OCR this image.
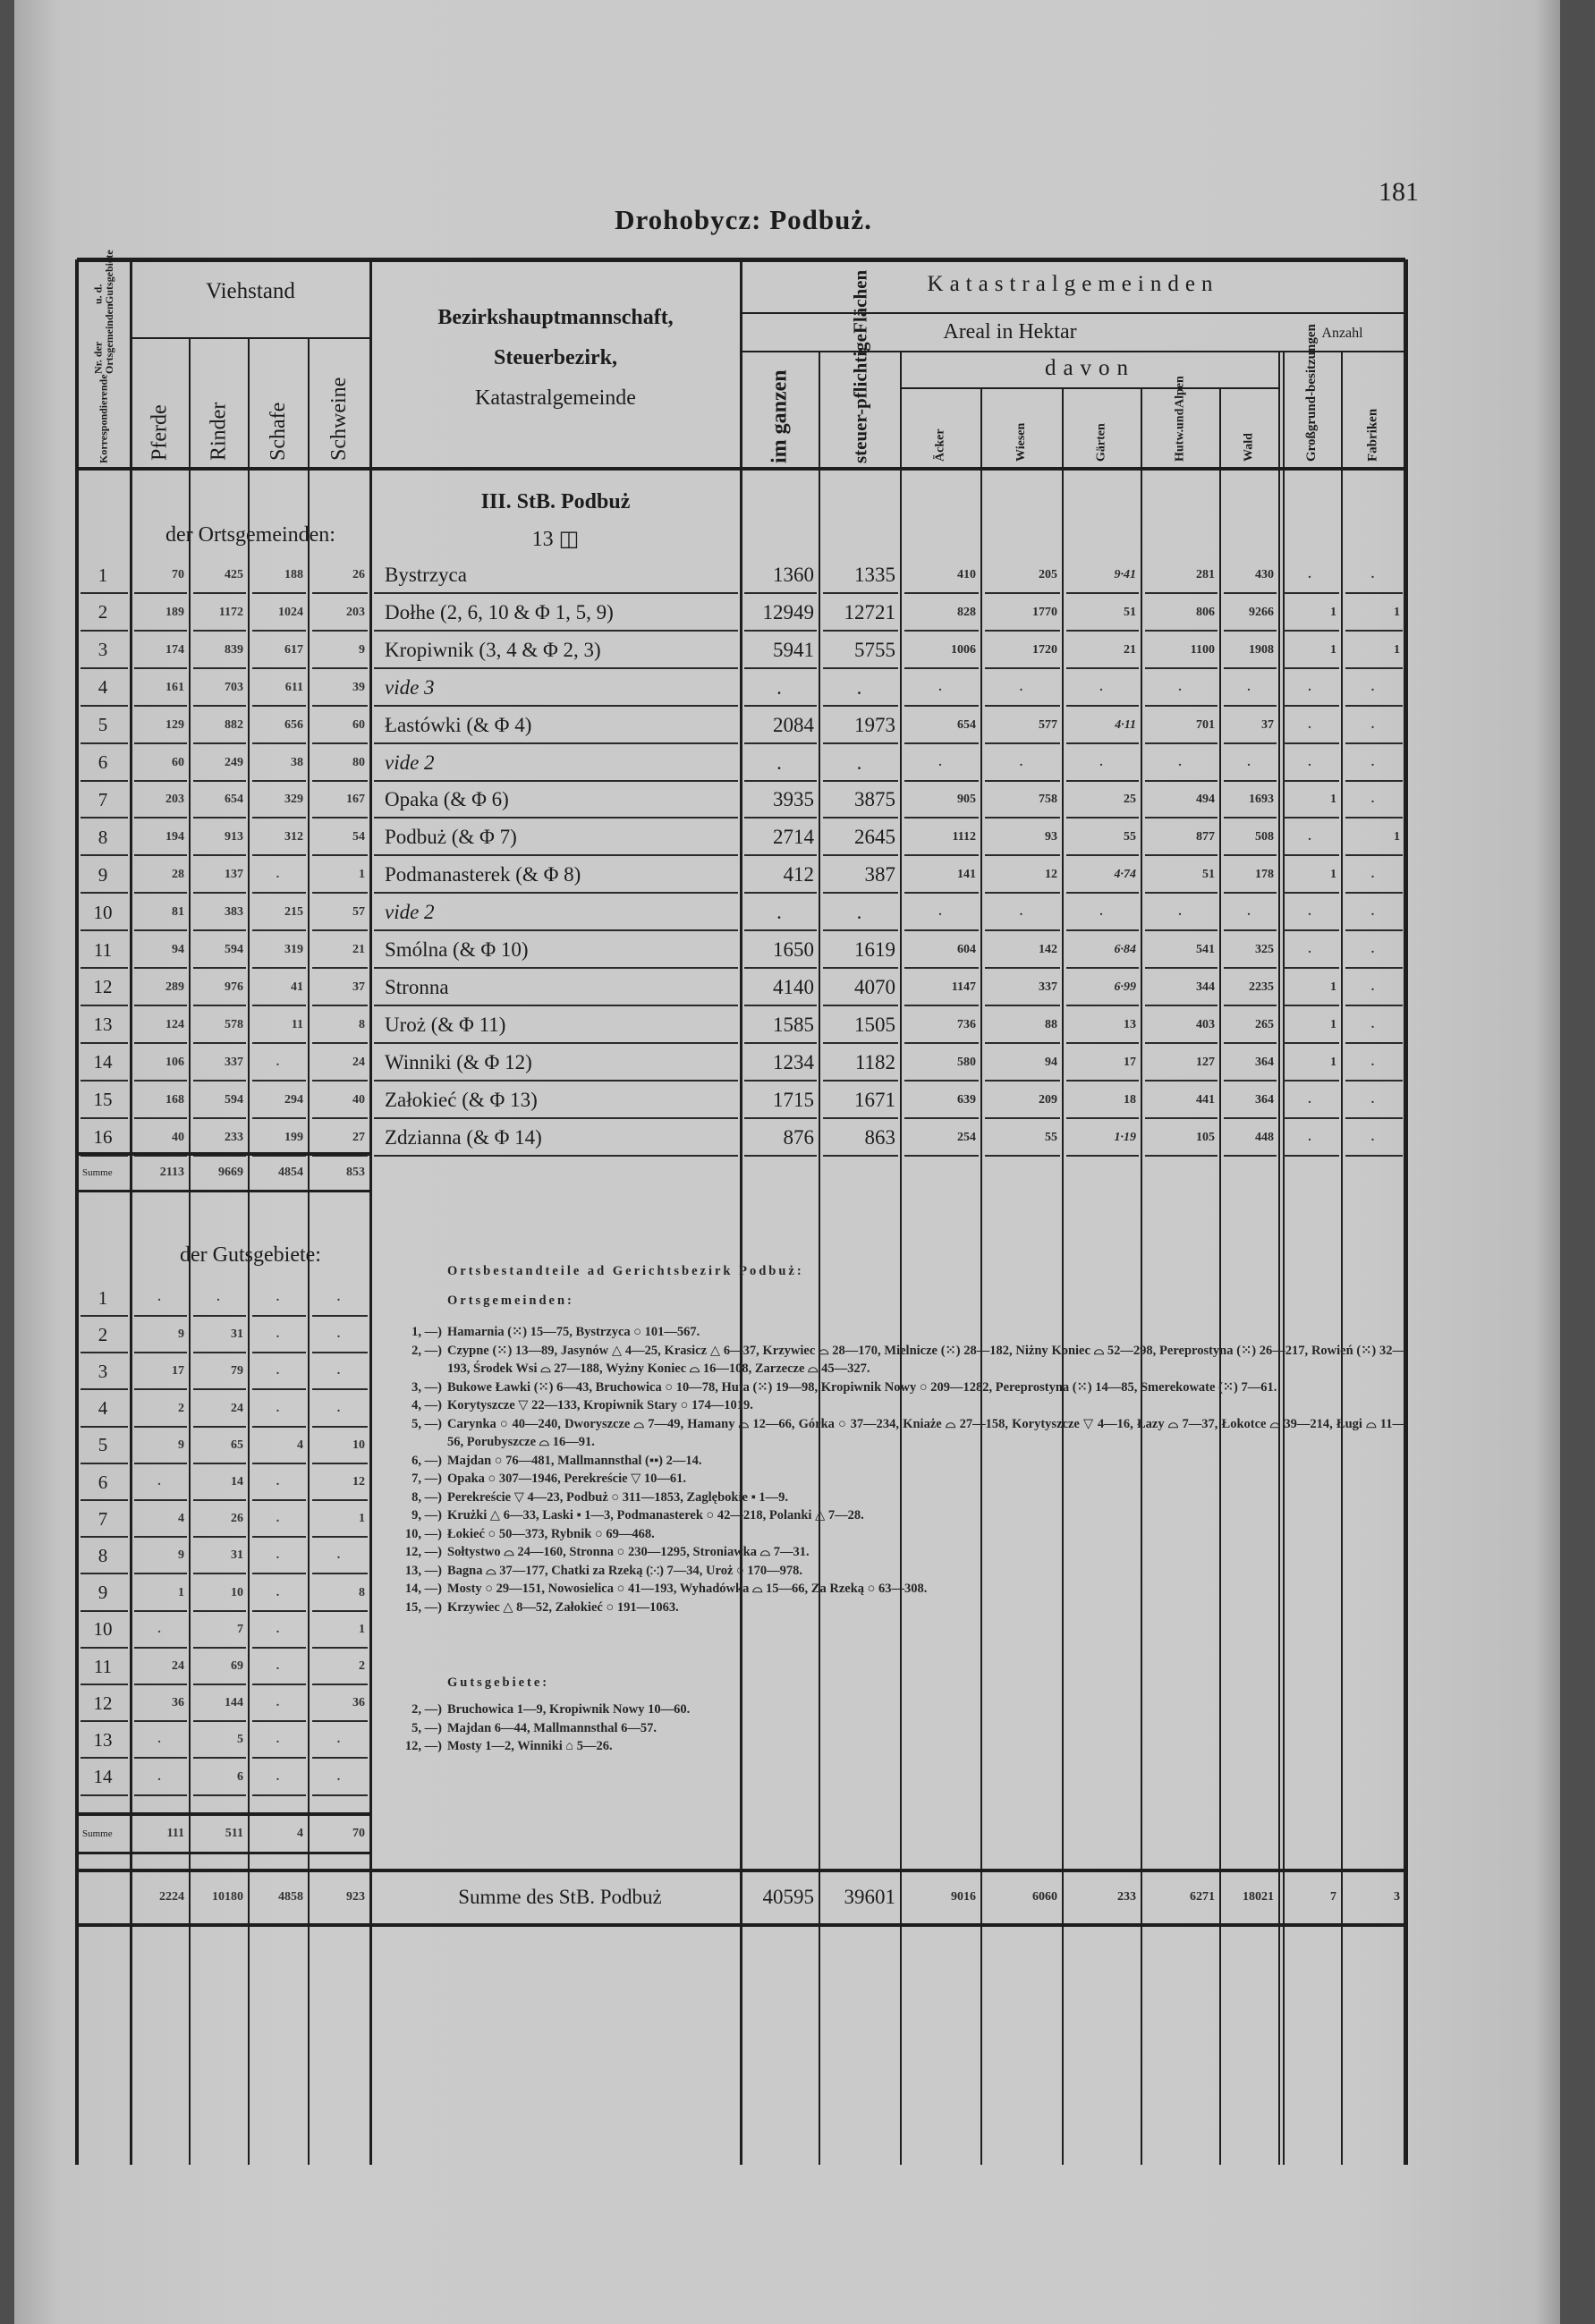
Drohobycz: Podbuż.
181
Korrespondierende
Nr. der Ortsgemeinden
u. d. Gutsgebiete	Viehstand
Pferde Rinder Schafe Schweine
Bezirkshauptmannschaft,
Steuerbezirk,
Katastralgemeinde
Katastralgemeinden
Areal in Hektar	Anzahl
im ganzen	steuer-
pflichtige
Flächen
davon
Äcker	Wiesen	Gärten	Hutw.
und
Alpen
Wald	Großgrund-
besitzungen
Fabriken
III. StB. Podbuż
13 ◫
der Ortsgemeinden:
der Gutsgebiete:
1	70	425	188	26 Bystrzyca	1360	1335	410	205	9·41	281	430	.	.
2	189	1172	1024	203 Dołhe (2, 6, 10 & Φ 1, 5, 9)	12949	12721	828	1770	51	806	9266	1	1
3	174	839	617	9 Kropiwnik (3, 4 & Φ 2, 3)	5941	5755	1006	1720	21	1100	1908	1	1
4	161	703	611	39 vide 3	.	.	.	.	.	.	.	.	.
5	129	882	656	60 Łastówki (& Φ 4)	2084	1973	654	577	4·11	701	37	.	.
6	60	249	38	80 vide 2	.	.	.	.	.	.	.	.	.
7	203	654	329	167 Opaka (& Φ 6)	3935	3875	905	758	25	494	1693	1	.
8	194	913	312	54 Podbuż (& Φ 7)	2714	2645	1112	93	55	877	508	.	1
9	28	137	.	1 Podmanasterek (& Φ 8)	412	387	141	12	4·74	51	178	1	.
10	81	383	215	57 vide 2	.	.	.	.	.	.	.	.	.
11	94	594	319	21 Smólna (& Φ 10)	1650	1619	604	142	6·84	541	325	.	.
12	289	976	41	37 Stronna	4140	4070	1147	337	6·99	344	2235	1	.
13	124	578	11	8 Uroż (& Φ 11)	1585	1505	736	88	13	403	265	1	.
14	106	337	.	24 Winniki (& Φ 12)	1234	1182	580	94	17	127	364	1	.
15	168	594	294	40 Załokieć (& Φ 13)	1715	1671	639	209	18	441	364	.	.
16	40	233	199	27 Zdzianna (& Φ 14)	876	863	254	55	1·19	105	448	.	.
Summe	2113	9669	4854	853
1	.	.	.	.
2	9	31	.	.
3	17	79	.	.
4	2	24	.	.
5	9	65	4	10
6	.	14	.	12
7	4	26	.	1
8	9	31	.	.
9	1	10	.	8
10	.	7	.	1
11	24	69	.	2
12	36	144	.	36
13	.	5	.	.
14	.	6	.	.
Summe	111	511	4	70
2224	10180	4858	923	Summe des StB. Podbuż	40595	39601	9016	6060	233	6271	18021	7	3
Ortsbestandteile ad Gerichtsbezirk Podbuż:
Ortsgemeinden:
1, —) Hamarnia (⁙) 15—75, Bystrzyca ○ 101—567.
2, —) Czypne (⁙) 13—89, Jasynów △ 4—25, Krasicz △ 6—37, Krzywiec ⌓ 28—170, Mielnicze (⁙) 28—182, Niżny Koniec ⌓ 52—298, Pereprostyna (⁙) 26—217, Rowień (⁙) 32—193, Środek Wsi ⌓ 27—188, Wyżny Koniec ⌓ 16—108, Zarzecze ⌓ 45—327.
3, —) Bukowe Ławki (⁙) 6—43, Bruchowica ○ 10—78, Huta (⁙) 19—98, Kropiwnik Nowy ○ 209—1282, Pereprostyna (⁙) 14—85, Smerekowate (⁙) 7—61.
4, —) Korytyszcze ▽ 22—133, Kropiwnik Stary ○ 174—1019.
5, —) Carynka ○ 40—240, Dworyszcze ⌓ 7—49, Hamany ⌓ 12—66, Górka ○ 37—234, Kniaże ⌓ 27—158, Korytyszcze ▽ 4—16, Łazy ⌓ 7—37, Łokotce ⌓ 39—214, Ługi ⌓ 11—56, Porubyszcze ⌓ 16—91.
6, —) Majdan ○ 76—481, Mallmannsthal (▪▪) 2—14.
7, —) Opaka ○ 307—1946, Perekreście ▽ 10—61.
8, —) Perekreście ▽ 4—23, Podbuż ○ 311—1853, Zaglębokie ▪ 1—9.
9, —) Krużki △ 6—33, Laski ▪ 1—3, Podmanasterek ○ 42—218, Polanki △ 7—28.
10, —) Łokieć ○ 50—373, Rybnik ○ 69—468.
12, —) Sołtystwo ⌓ 24—160, Stronna ○ 230—1295, Stroniawka ⌓ 7—31.
13, —) Bagna ⌓ 37—177, Chatki za Rzeką (⁙) 7—34, Uroż ○ 170—978.
14, —) Mosty ○ 29—151, Nowosielica ○ 41—193, Wyhadówka ⌓ 15—66, Za Rzeką ○ 63—308.
15, —) Krzywiec △ 8—52, Załokieć ○ 191—1063.
Gutsgebiete:
2, —) Bruchowica 1—9, Kropiwnik Nowy 10—60.
5, —) Majdan 6—44, Mallmannsthal 6—57.
12, —) Mosty 1—2, Winniki ⌂ 5—26.
